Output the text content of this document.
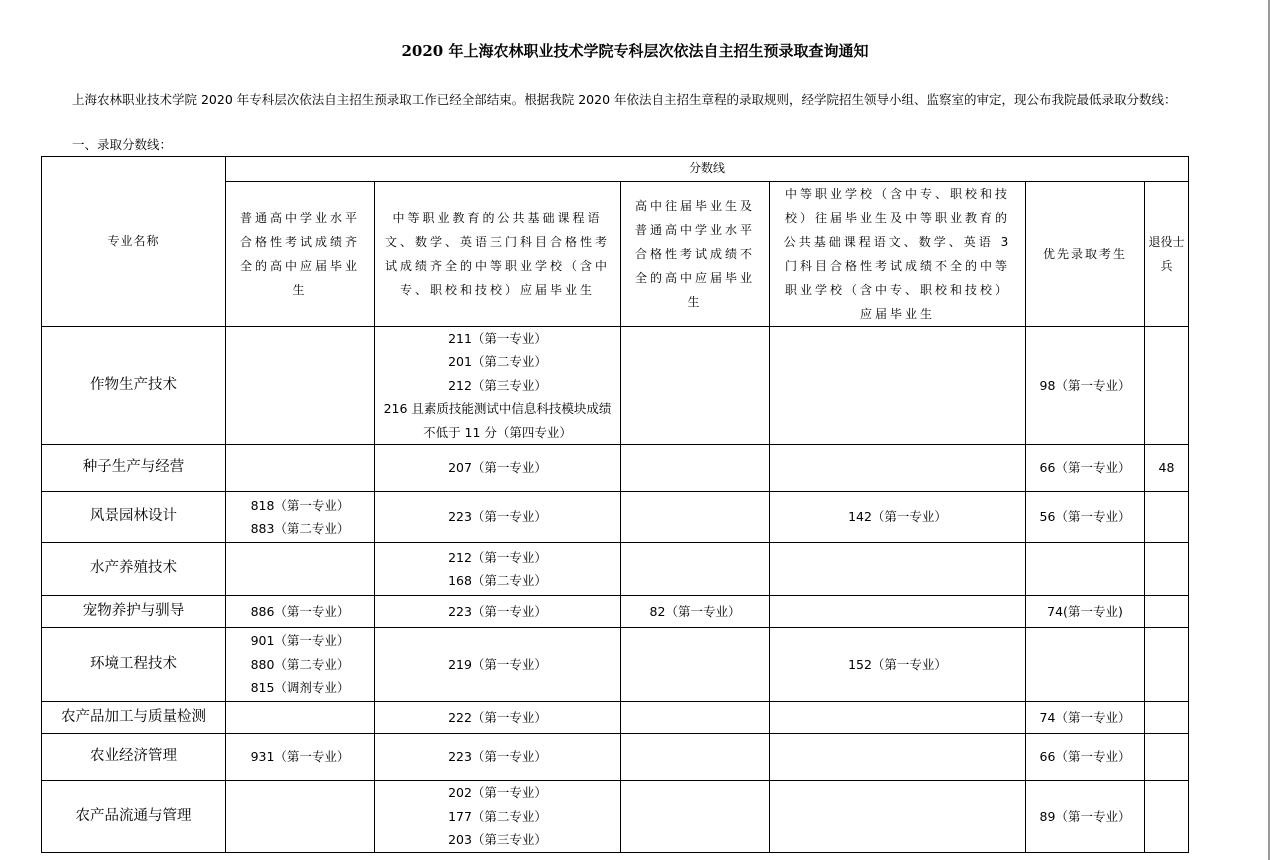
2020 年上海农林职业技术学院专科层次依法自主招生预录取查询通知
上海农林职业技术学院 2020 年专科层次依法自主招生预录取工作已经全部结束。根据我院 2020 年依法自主招生章程的录取规则，经学院招生领导小组、监察室的审定，现公布我院最低录取分数线：
一、录取分数线：
专业名称	分数线					
	普通高中学业水平合格性考试成绩齐全的高中应届毕业生	中等职业教育的公共基础课程语文、数学、英语三门科目合格性考试成绩齐全的中等职业学校（含中专、职校和技校）应届毕业生	高中往届毕业生及普通高中学业水平合格性考试成绩不全的高中应届毕业生	中等职业学校（含中专、职校和技校）往届毕业生及中等职业教育的公共基础课程语文、数学、英语 3 门科目合格性考试成绩不全的中等职业学校（含中专、职校和技校）应届毕业生	优先录取考生	退役士兵
作物生产技术		211（第一专业）
201（第二专业）
212（第三专业）
216 且素质技能测试中信息科技模块成绩不低于 11 分（第四专业）			98（第一专业）	

种子生产与经营		207（第一专业）			66（第一专业）	48

风景园林设计	818（第一专业）
883（第二专业）	223（第一专业）		142（第一专业）	56（第一专业）	

水产养殖技术		212（第一专业）
168（第二专业）				

宠物养护与驯导	886（第一专业）	223（第一专业）	82（第一专业）		74(第一专业)	

环境工程技术	901（第一专业）
880（第二专业）
815（调剂专业）	219（第一专业）		152（第一专业）		

农产品加工与质量检测		222（第一专业）			74（第一专业）	

农业经济管理	931（第一专业）	223（第一专业）			66（第一专业）	

农产品流通与管理		202（第一专业）
177（第二专业）
203（第三专业）			89（第一专业）	
